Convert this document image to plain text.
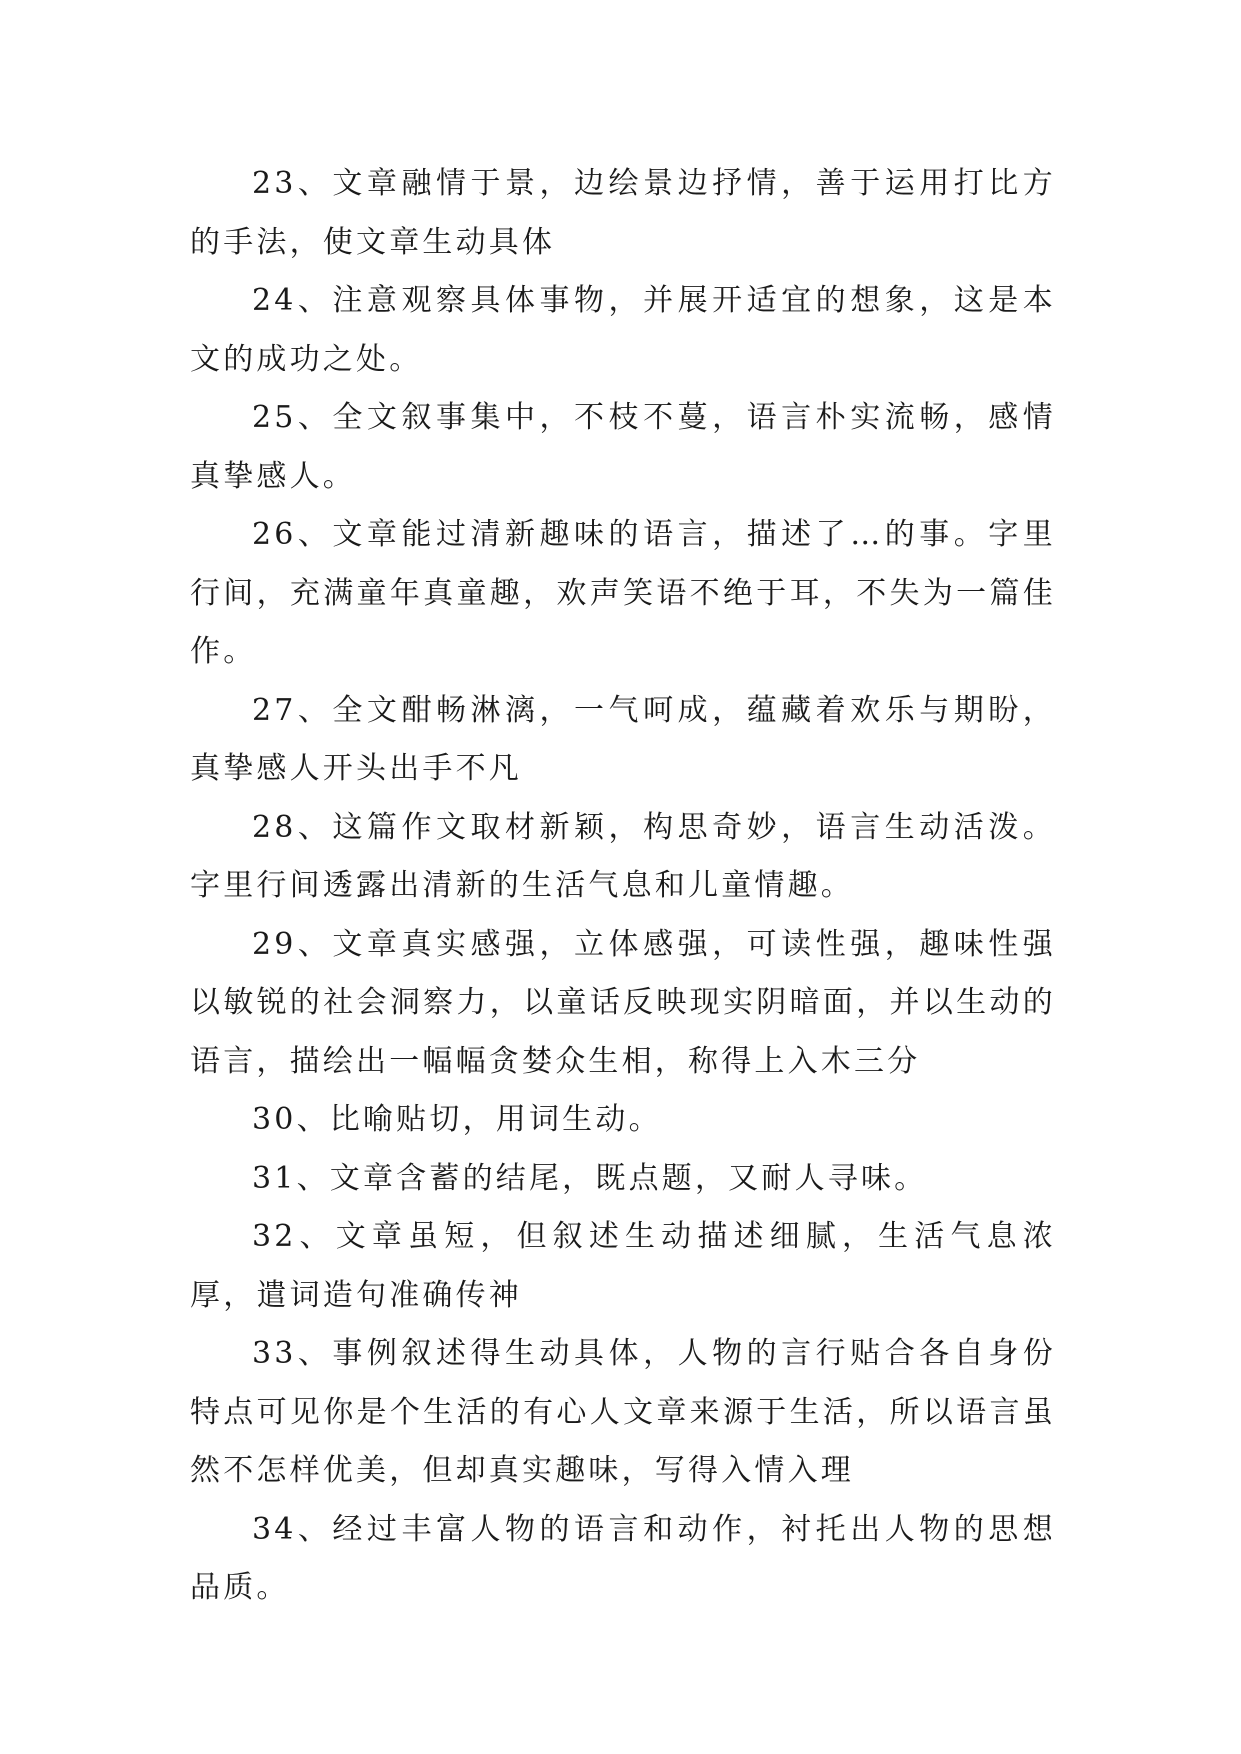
23、文章融情于景，边绘景边抒情，善于运用打比方的手法，使文章生动具体

24、注意观察具体事物，并展开适宜的想象，这是本文的成功之处。

25、全文叙事集中，不枝不蔓，语言朴实流畅，感情真挚感人。

26、文章能过清新趣味的语言，描述了…的事。字里行间，充满童年真童趣，欢声笑语不绝于耳，不失为一篇佳作。

27、全文酣畅淋漓，一气呵成，蕴藏着欢乐与期盼，真挚感人开头出手不凡

28、这篇作文取材新颖，构思奇妙，语言生动活泼。字里行间透露出清新的生活气息和儿童情趣。

29、文章真实感强，立体感强，可读性强，趣味性强以敏锐的社会洞察力，以童话反映现实阴暗面，并以生动的语言，描绘出一幅幅贪婪众生相，称得上入木三分

30、比喻贴切，用词生动。

31、文章含蓄的结尾，既点题，又耐人寻味。

32、文章虽短，但叙述生动描述细腻，生活气息浓厚，遣词造句准确传神

33、事例叙述得生动具体，人物的言行贴合各自身份特点可见你是个生活的有心人文章来源于生活，所以语言虽然不怎样优美，但却真实趣味，写得入情入理

34、经过丰富人物的语言和动作，衬托出人物的思想品质。
